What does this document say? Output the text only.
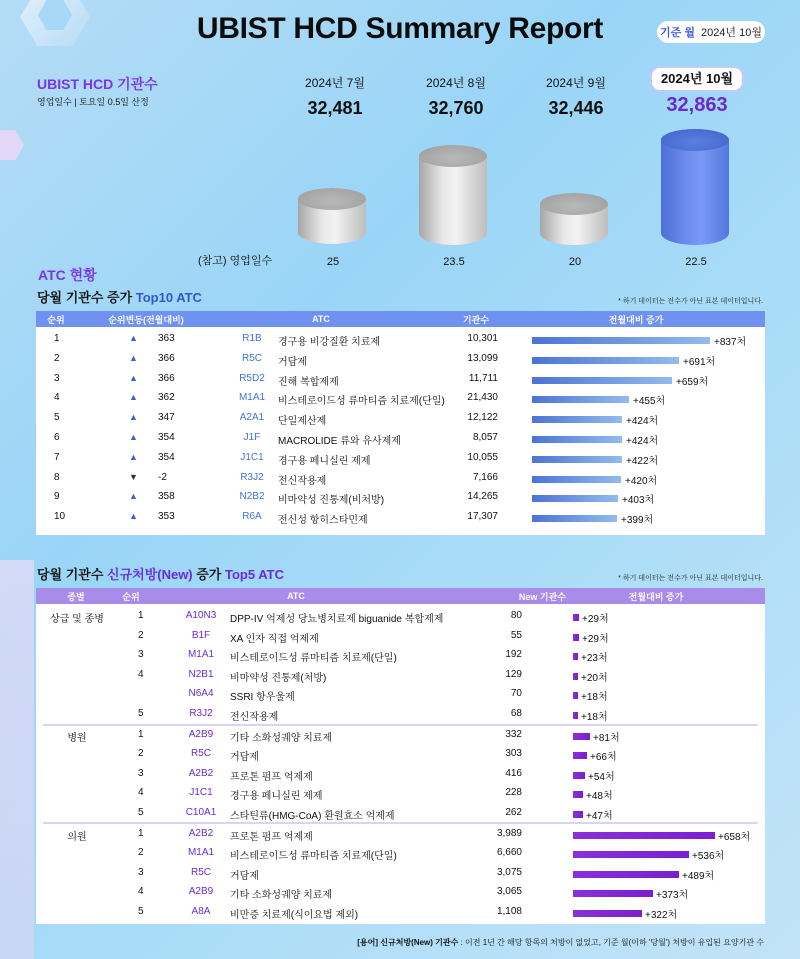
UBIST HCD Summary Report	기준 월 2024년 10월
UBIST HCD 기관수
영업일수 | 토요일 0.5일 산정
2024년 7월
32,481
2024년 8월
32,760
2024년 9월
32,446
2024년 10월
32,863
(참고) 영업일수	25	23.5	20	22.5
ATC 현황
당월 기관수 증가 Top10 ATC	* 하기 데이터는 전수가 아닌 표본 데이터입니다.
순위	순위변동(전월대비)	ATC	기관수	전월대비 증가
1	▲ 363	R1B	경구용 비강질환 치료제	10,301	+837처
2	▲ 366	R5C	거담제	13,099	+691처
3	▲ 366	R5D2	진해 복합제제	11,711	+659처
4	▲ 362	M1A1	비스테로이드성 류마티즘 치료제(단일)	21,430	+455처
5	▲ 347	A2A1	단일제산제	12,122	+424처
6	▲ 354	J1F	MACROLIDE 류와 유사제제	8,057	+424처
7	▲ 354	J1C1	경구용 페니실린 제제	10,055	+422처
8	▼ -2	R3J2	전신작용제	7,166	+420처
9	▲ 358	N2B2	비마약성 진통제(비처방)	14,265	+403처
10	▲ 353	R6A	전신성 항히스타민제	17,307	+399처
당월 기관수 신규처방(New) 증가 Top5 ATC	* 하기 데이터는 전수가 아닌 표본 데이터입니다.
종별	순위	ATC	New 기관수	전월대비 증가
상급 및 종병	1	A10N3	DPP-IV 억제성 당뇨병치료제 biguanide 복합제제	80	+29처
2	B1F	XA 인자 직접 억제제	55	+29처
3	M1A1	비스테로이드성 류마티즘 치료제(단일)	192	+23처
4	N2B1	비마약성 진통제(처방)	129	+20처
N6A4	SSRI 항우울제	70	+18처
5	R3J2	전신작용제	68	+18처
병원	1	A2B9	기타 소화성궤양 치료제	332	+81처
2	R5C	거담제	303	+66처
3	A2B2	프로톤 펌프 억제제	416	+54처
4	J1C1	경구용 페니실린 제제	228	+48처
5	C10A1	스타틴류(HMG-CoA) 환원효소 억제제	262	+47처
의원	1	A2B2	프로톤 펌프 억제제	3,989	+658처
2	M1A1	비스테로이드성 류마티즘 치료제(단일)	6,660	+536처
3	R5C	거담제	3,075	+489처
4	A2B9	기타 소화성궤양 치료제	3,065	+373처
5	A8A	비만증 치료제(식이요법 제외)	1,108	+322처
[용어] 신규처방(New) 기관수 : 이전 1년 간 해당 항목의 처방이 없었고, 기준 월(이하 '당월') 처방이 유입된 요양기관 수
